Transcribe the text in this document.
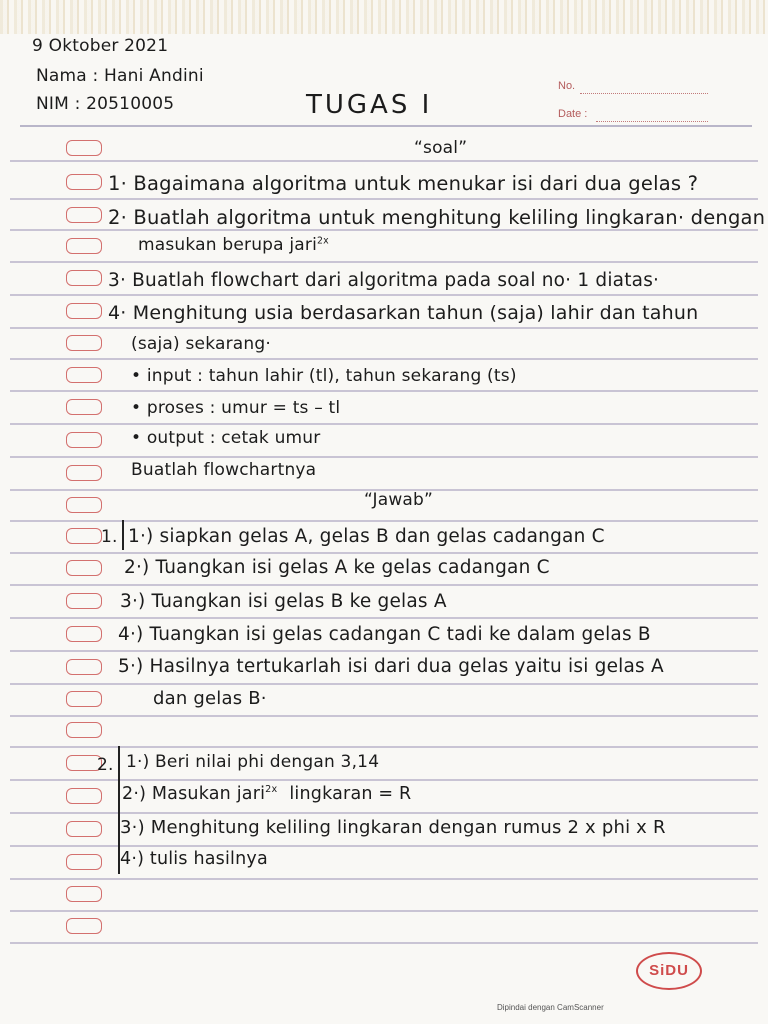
9 Oktober 2021
Nama : Hani Andini
NIM : 20510005	TUGAS I
No.
Date :
“soal”
1· Bagaimana algoritma untuk menukar isi dari dua gelas ?
2· Buatlah algoritma untuk menghitung keliling lingkaran· dengan
masukan berupa jari$^{2x}$
3· Buatlah flowchart dari algoritma pada soal no· 1 diatas·
4· Menghitung usia berdasarkan tahun (saja) lahir dan tahun
(saja) sekarang·
• input : tahun lahir (tl), tahun sekarang (ts)
• proses : umur = ts – tl
• output : cetak umur
Buatlah flowchartnya
“Jawab”
1. 1·) siapkan gelas A, gelas B dan gelas cadangan C
2·) Tuangkan isi gelas A ke gelas cadangan C
3·) Tuangkan isi gelas B ke gelas A
4·) Tuangkan isi gelas cadangan C tadi ke dalam gelas B
5·) Hasilnya tertukarlah isi dari dua gelas yaitu isi gelas A
dan gelas B·
2. 1·) Beri nilai phi dengan 3,14
2·) Masukan jari$^{2x}$ lingkaran = R
3·) Menghitung keliling lingkaran dengan rumus 2 x phi x R
4·) tulis hasilnya
SiDU
Dipindai dengan CamScanner
